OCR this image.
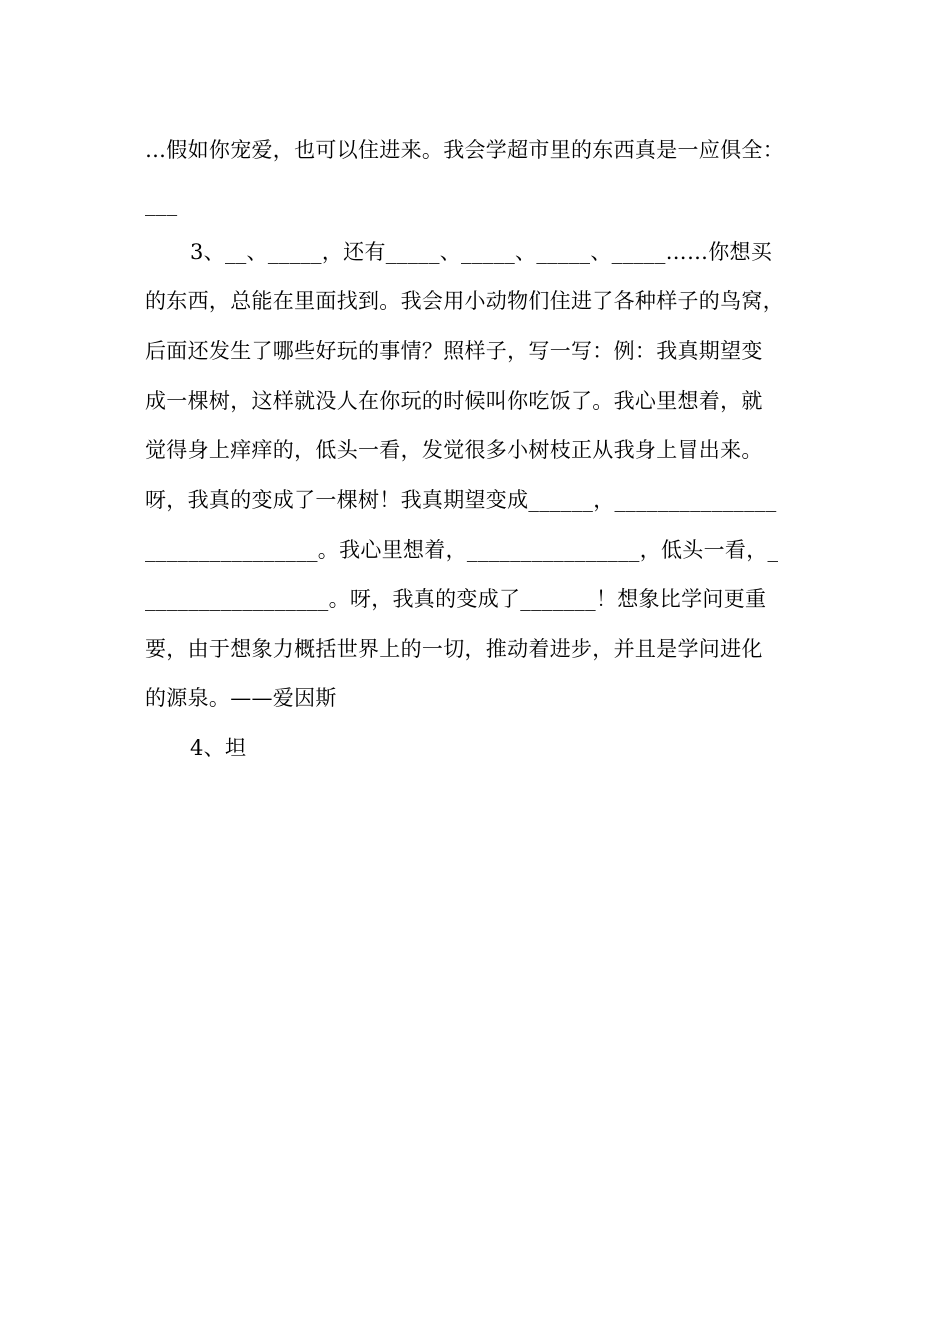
…假如你宠爱，也可以住进来。我会学超市里的东西真是一应俱全：
___
3、__、_____，还有_____、_____、_____、_____……你想买
的东西，总能在里面找到。我会用小动物们住进了各种样子的鸟窝，
后面还发生了哪些好玩的事情？照样子，写一写：例：我真期望变
成一棵树，这样就没人在你玩的时候叫你吃饭了。我心里想着，就
觉得身上痒痒的，低头一看，发觉很多小树枝正从我身上冒出来。
呀，我真的变成了一棵树！我真期望变成______，_______________
________________。我心里想着，________________，低头一看，_
_________________。呀，我真的变成了_______！想象比学问更重
要，由于想象力概括世界上的一切，推动着进步，并且是学问进化
的源泉。——爱因斯
4、坦
